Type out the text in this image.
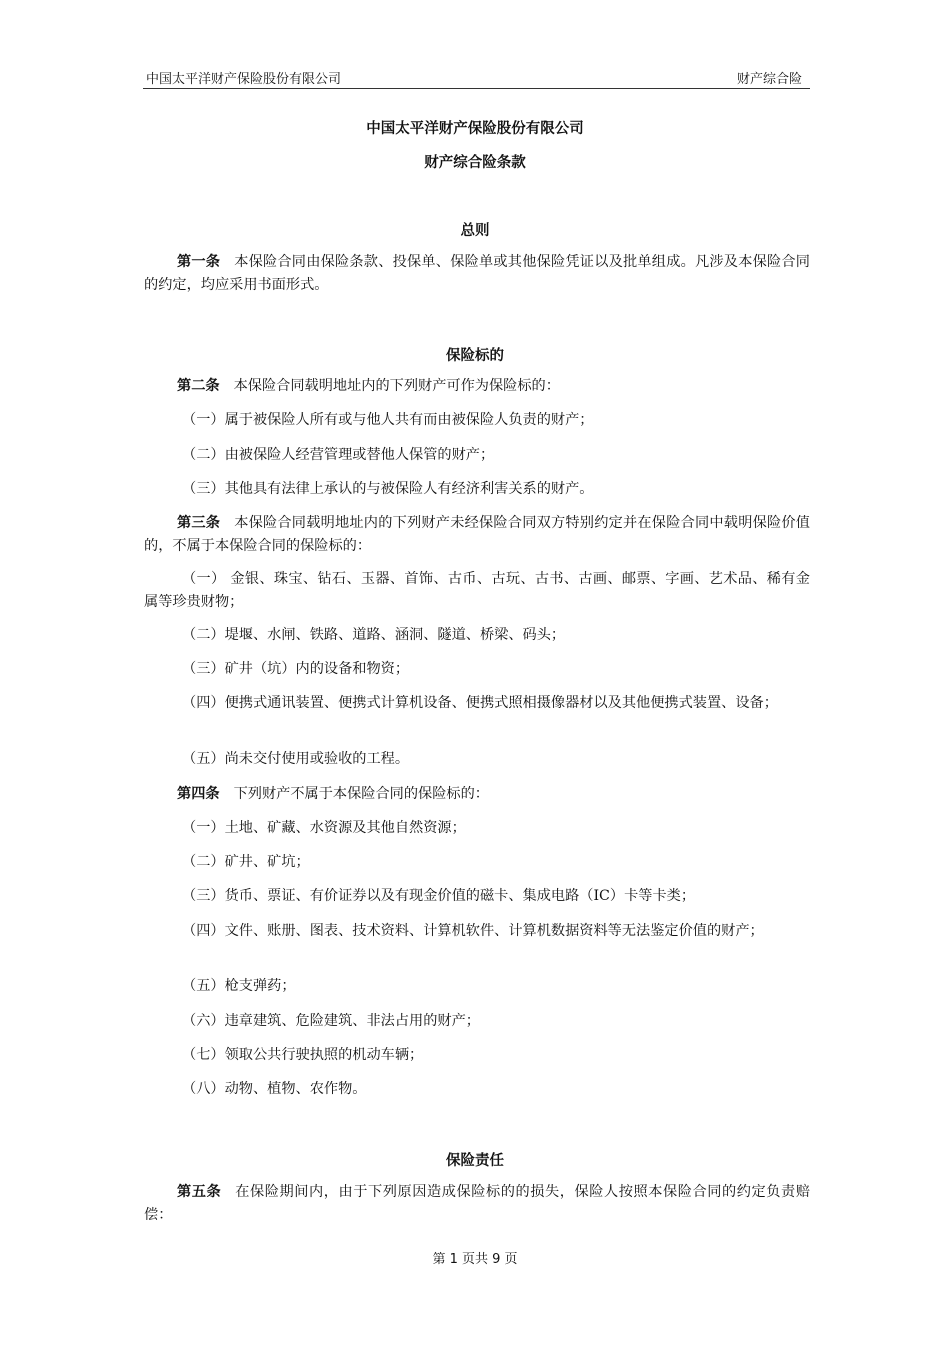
中国太平洋财产保险股份有限公司	财产综合险
中国太平洋财产保险股份有限公司
财产综合险条款
总则
第一条 本保险合同由保险条款、投保单、保险单或其他保险凭证以及批单组成。凡涉及本保险合同的约定，均应采用书面形式。
保险标的
第二条 本保险合同载明地址内的下列财产可作为保险标的：
（一）属于被保险人所有或与他人共有而由被保险人负责的财产；
（二）由被保险人经营管理或替他人保管的财产；
（三）其他具有法律上承认的与被保险人有经济利害关系的财产。
第三条 本保险合同载明地址内的下列财产未经保险合同双方特别约定并在保险合同中载明保险价值的，不属于本保险合同的保险标的：
（一） 金银、珠宝、钻石、玉器、首饰、古币、古玩、古书、古画、邮票、字画、艺术品、稀有金属等珍贵财物；
（二）堤堰、水闸、铁路、道路、涵洞、隧道、桥梁、码头；
（三）矿井（坑）内的设备和物资；
（四）便携式通讯装置、便携式计算机设备、便携式照相摄像器材以及其他便携式装置、设备；
（五）尚未交付使用或验收的工程。
第四条 下列财产不属于本保险合同的保险标的：
（一）土地、矿藏、水资源及其他自然资源；
（二）矿井、矿坑；
（三）货币、票证、有价证券以及有现金价值的磁卡、集成电路（IC）卡等卡类；
（四）文件、账册、图表、技术资料、计算机软件、计算机数据资料等无法鉴定价值的财产；
（五）枪支弹药；
（六）违章建筑、危险建筑、非法占用的财产；
（七）领取公共行驶执照的机动车辆；
（八）动物、植物、农作物。
保险责任
第五条 在保险期间内，由于下列原因造成保险标的的损失，保险人按照本保险合同的约定负责赔偿：
第 1 页共 9 页
